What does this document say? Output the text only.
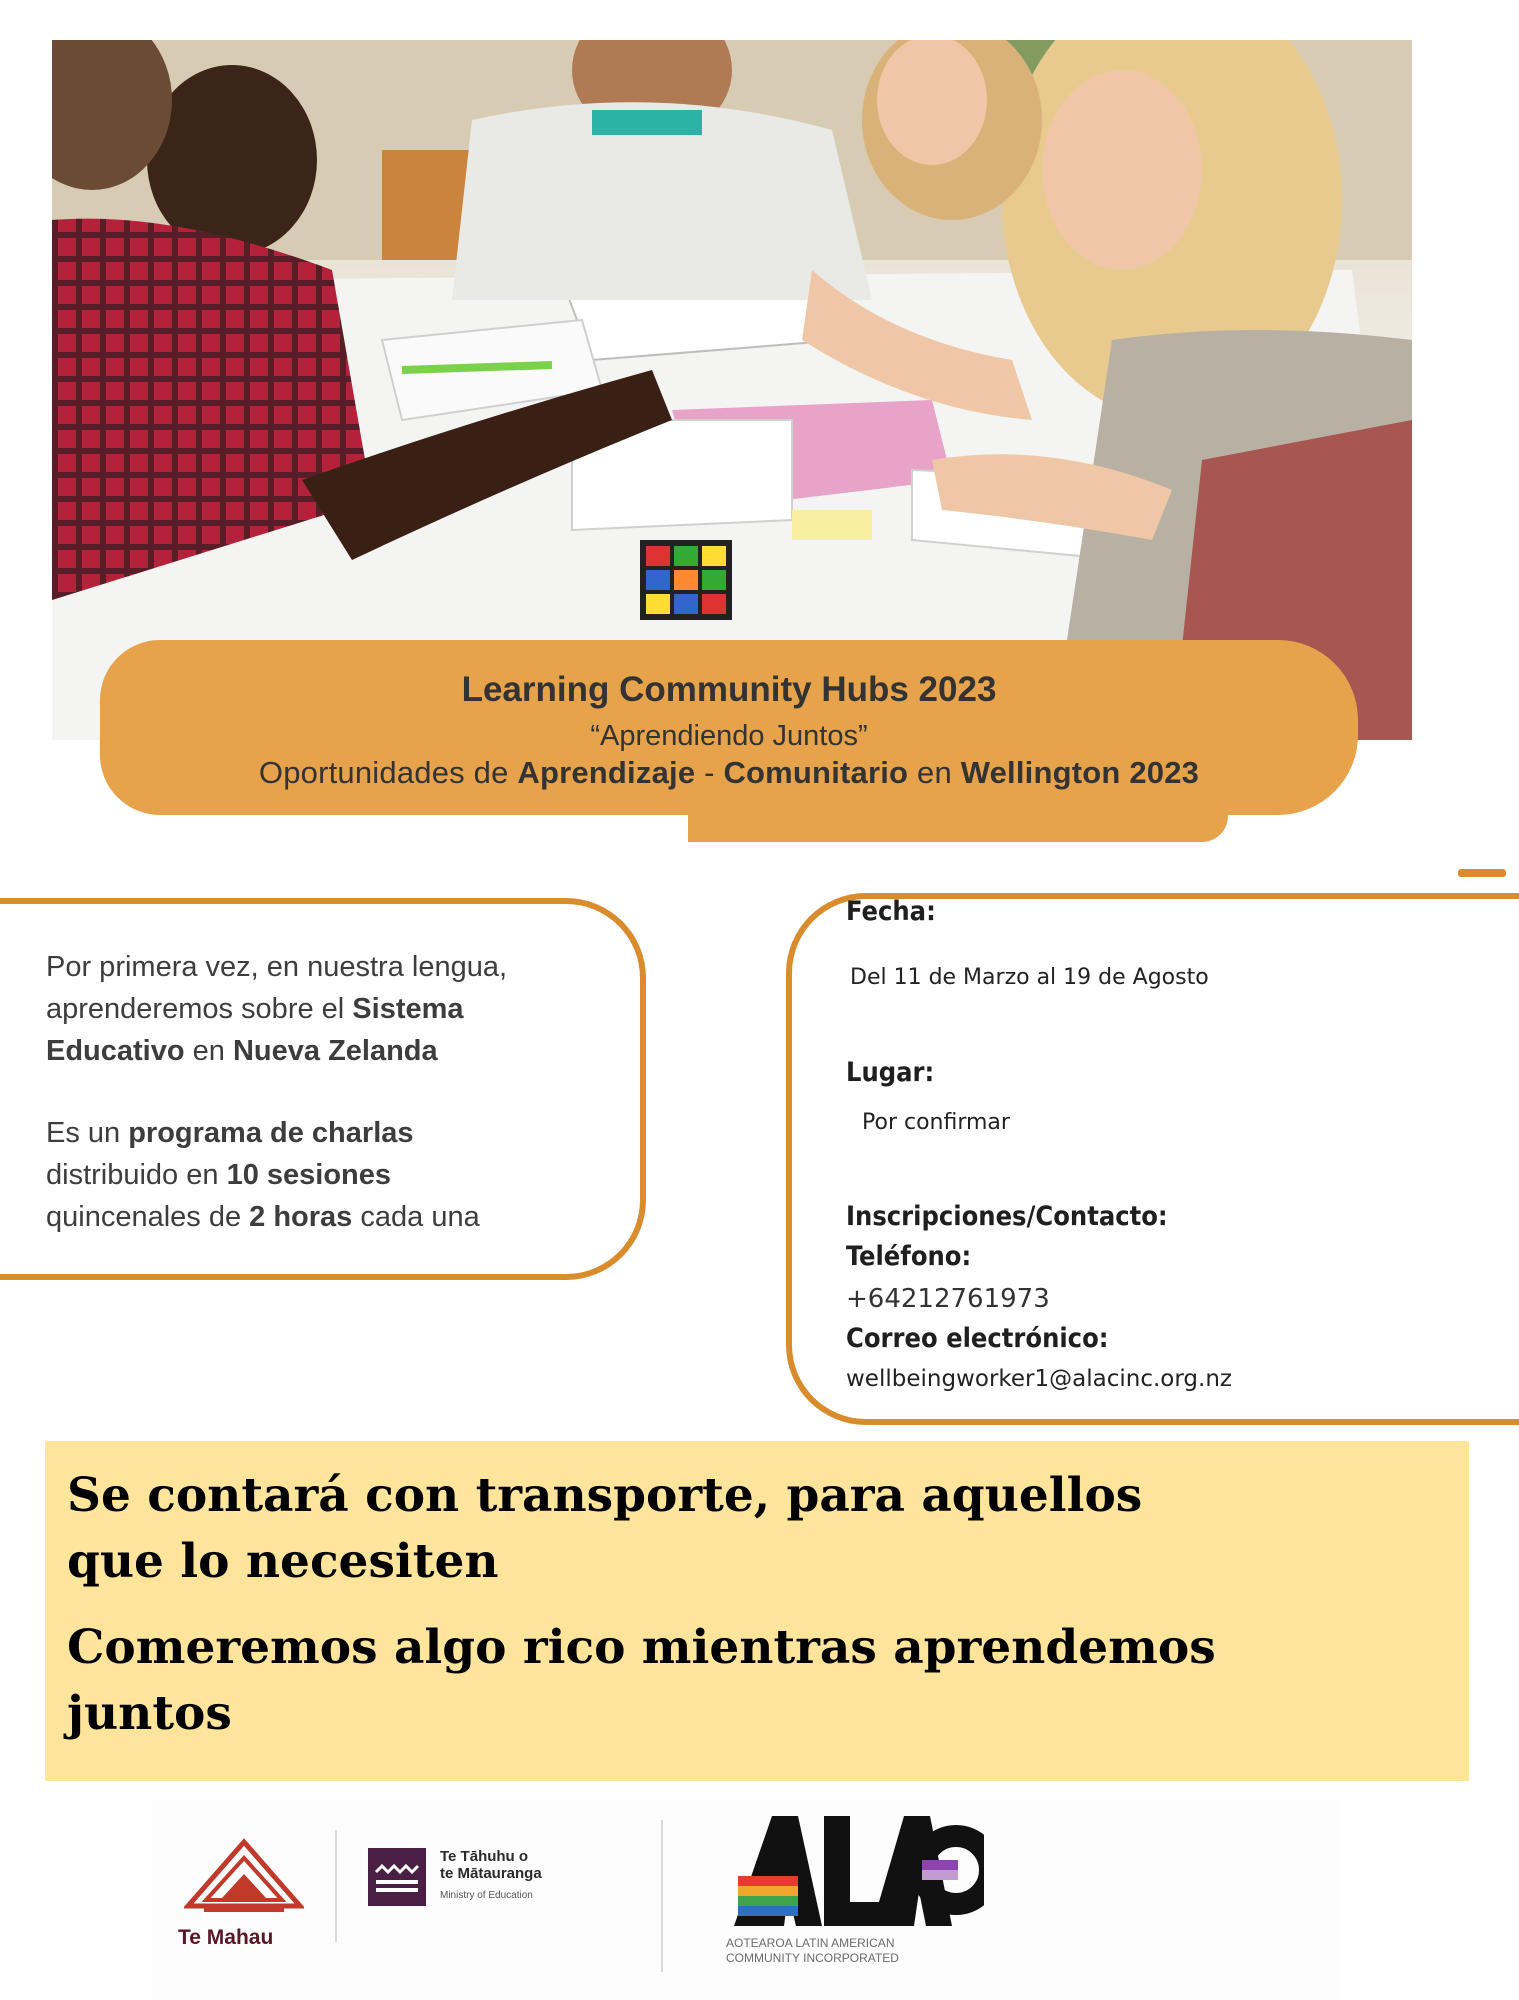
Learning Community Hubs 2023
“Aprendiendo Juntos”
Oportunidades de Aprendizaje - Comunitario en Wellington 2023
Por primera vez, en nuestra lengua,
aprenderemos sobre el Sistema
Educativo en Nueva Zelanda
Es un programa de charlas
distribuido en 10 sesiones
quincenales de 2 horas cada una
Fecha:
Del 11 de Marzo al 19 de Agosto
Lugar:
Por confirmar
Inscripciones/Contacto:
Teléfono:
+64212761973
Correo electrónico:
wellbeingworker1@alacinc.org.nz
Se contará con transporte, para aquellos
que lo necesiten
Comeremos algo rico mientras aprendemos
juntos
Te Mahau
Te Tāhuhu o
te Mātauranga
Ministry of Education
ALAC
AOTEAROA LATIN AMERICAN
COMMUNITY INCORPORATED
